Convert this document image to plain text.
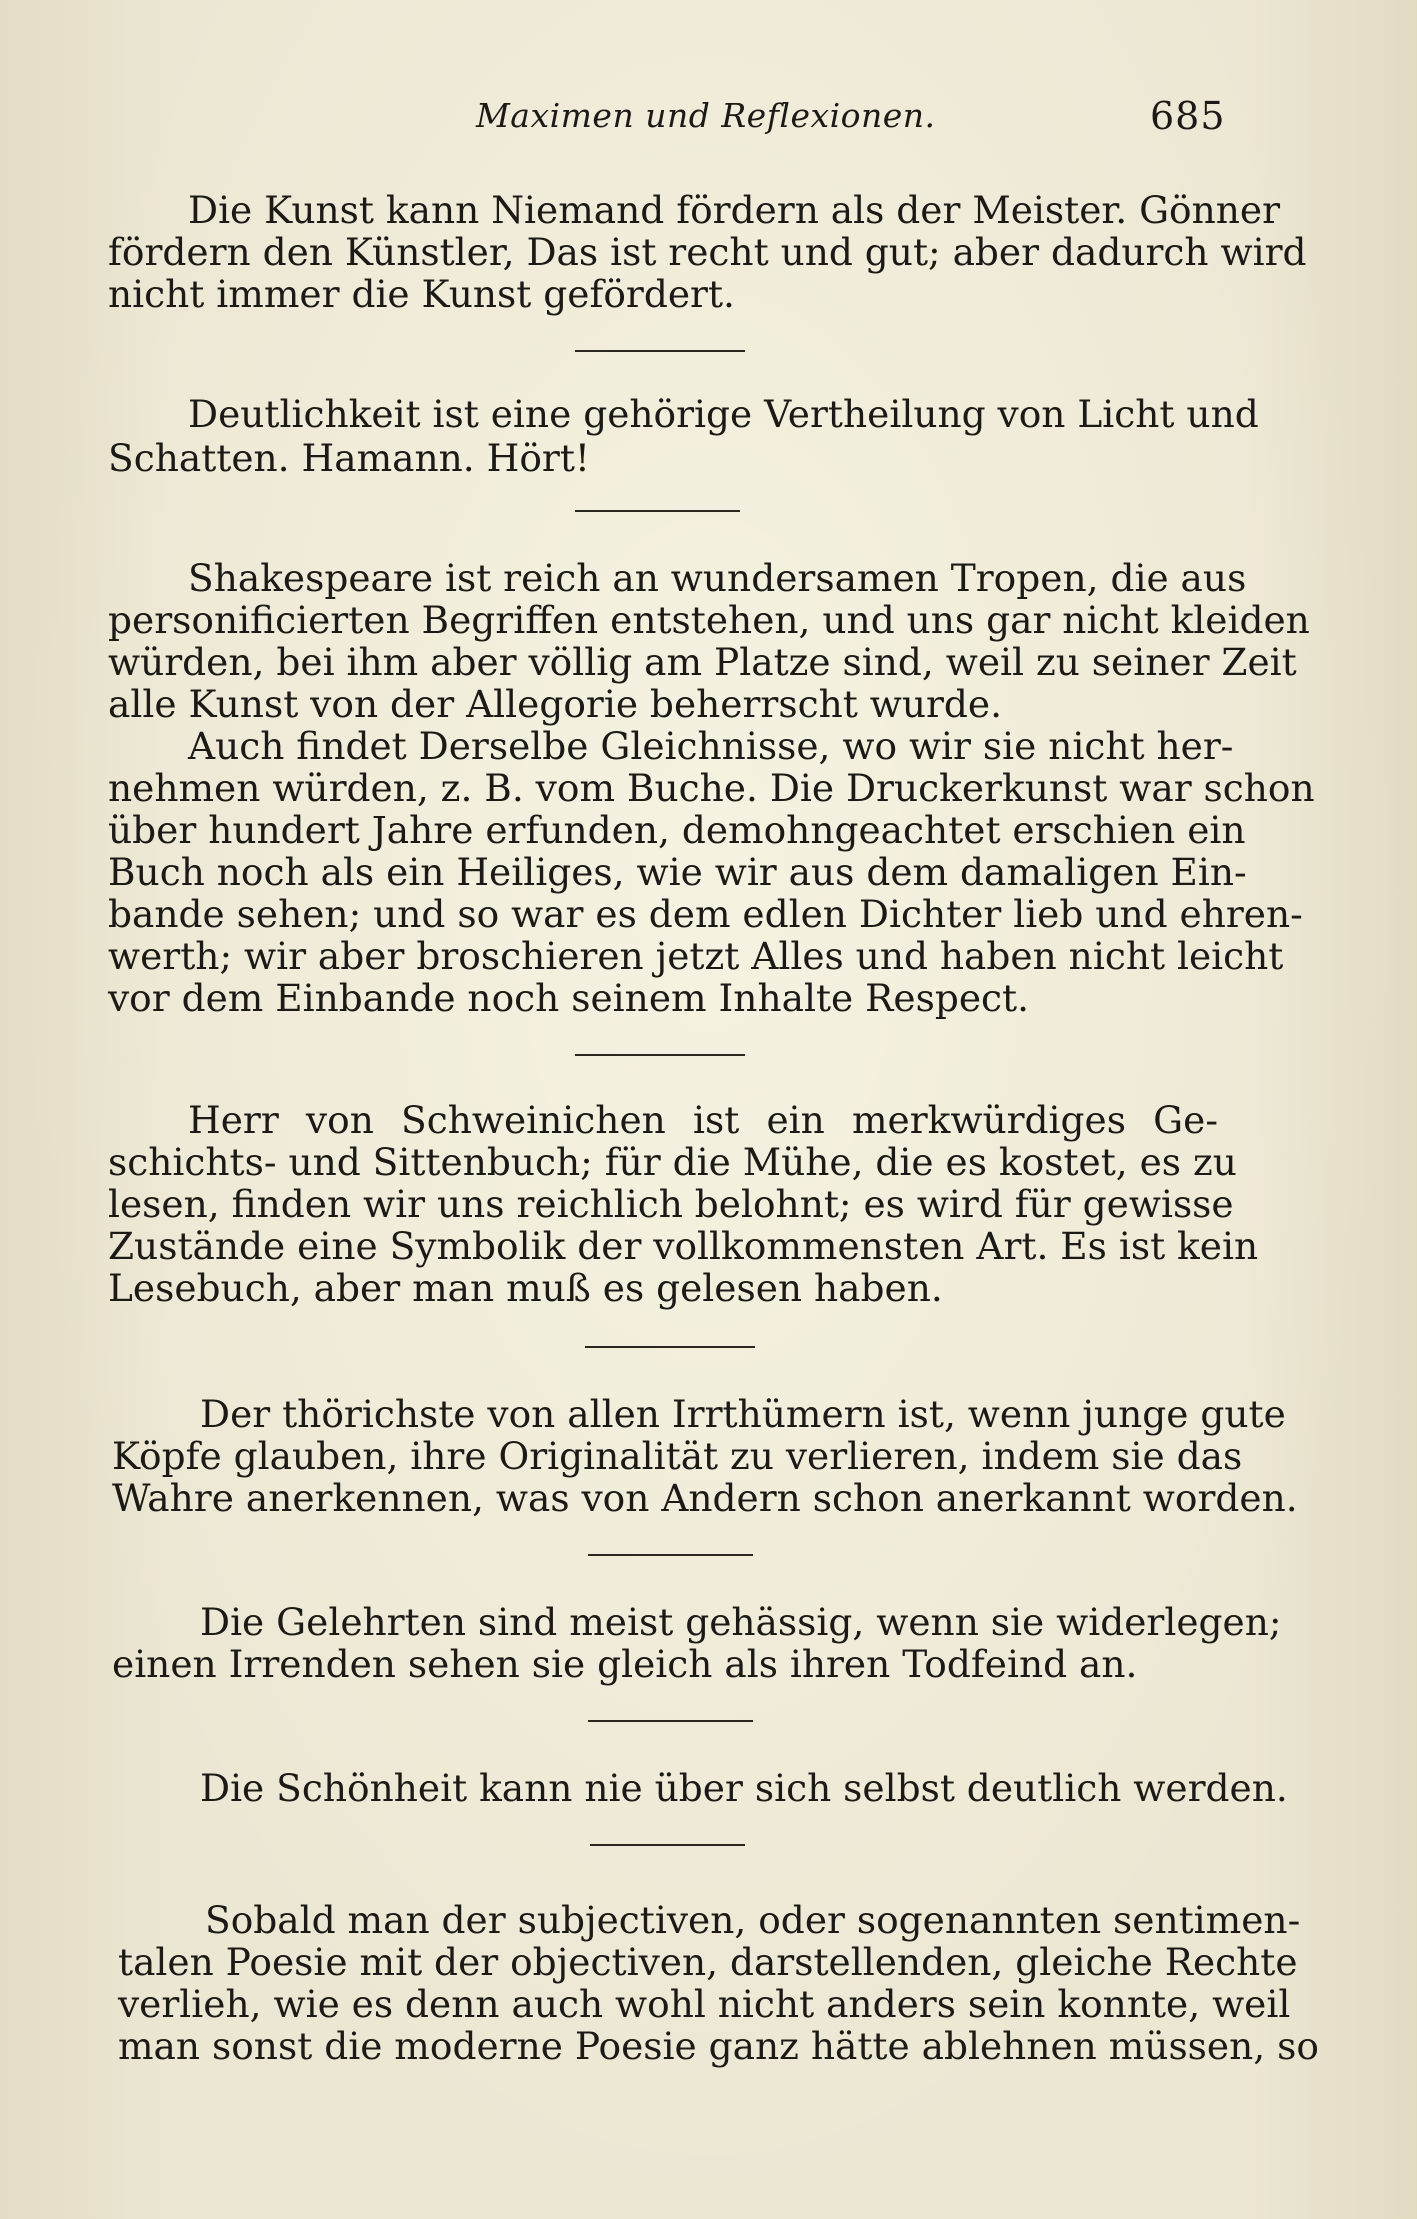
Maximen und Reflexionen.	685
Die Kunst kann Niemand fördern als der Meister. Gönner
fördern den Künstler, Das ist recht und gut; aber dadurch wird
nicht immer die Kunst gefördert.
Deutlichkeit ist eine gehörige Vertheilung von Licht und
Schatten. Hamann. Hört!
Shakespeare ist reich an wundersamen Tropen, die aus
personificierten Begriffen entstehen, und uns gar nicht kleiden
würden, bei ihm aber völlig am Platze sind, weil zu seiner Zeit
alle Kunst von der Allegorie beherrscht wurde.
Auch findet Derselbe Gleichnisse, wo wir sie nicht her-
nehmen würden, z. B. vom Buche. Die Druckerkunst war schon
über hundert Jahre erfunden, demohngeachtet erschien ein
Buch noch als ein Heiliges, wie wir aus dem damaligen Ein-
bande sehen; und so war es dem edlen Dichter lieb und ehren-
werth; wir aber broschieren jetzt Alles und haben nicht leicht
vor dem Einbande noch seinem Inhalte Respect.
Herr von Schweinichen ist ein merkwürdiges Ge-
schichts- und Sittenbuch; für die Mühe, die es kostet, es zu
lesen, finden wir uns reichlich belohnt; es wird für gewisse
Zustände eine Symbolik der vollkommensten Art. Es ist kein
Lesebuch, aber man muß es gelesen haben.
Der thörichste von allen Irrthümern ist, wenn junge gute
Köpfe glauben, ihre Originalität zu verlieren, indem sie das
Wahre anerkennen, was von Andern schon anerkannt worden.
Die Gelehrten sind meist gehässig, wenn sie widerlegen;
einen Irrenden sehen sie gleich als ihren Todfeind an.
Die Schönheit kann nie über sich selbst deutlich werden.
Sobald man der subjectiven, oder sogenannten sentimen-
talen Poesie mit der objectiven, darstellenden, gleiche Rechte
verlieh, wie es denn auch wohl nicht anders sein konnte, weil
man sonst die moderne Poesie ganz hätte ablehnen müssen, so
